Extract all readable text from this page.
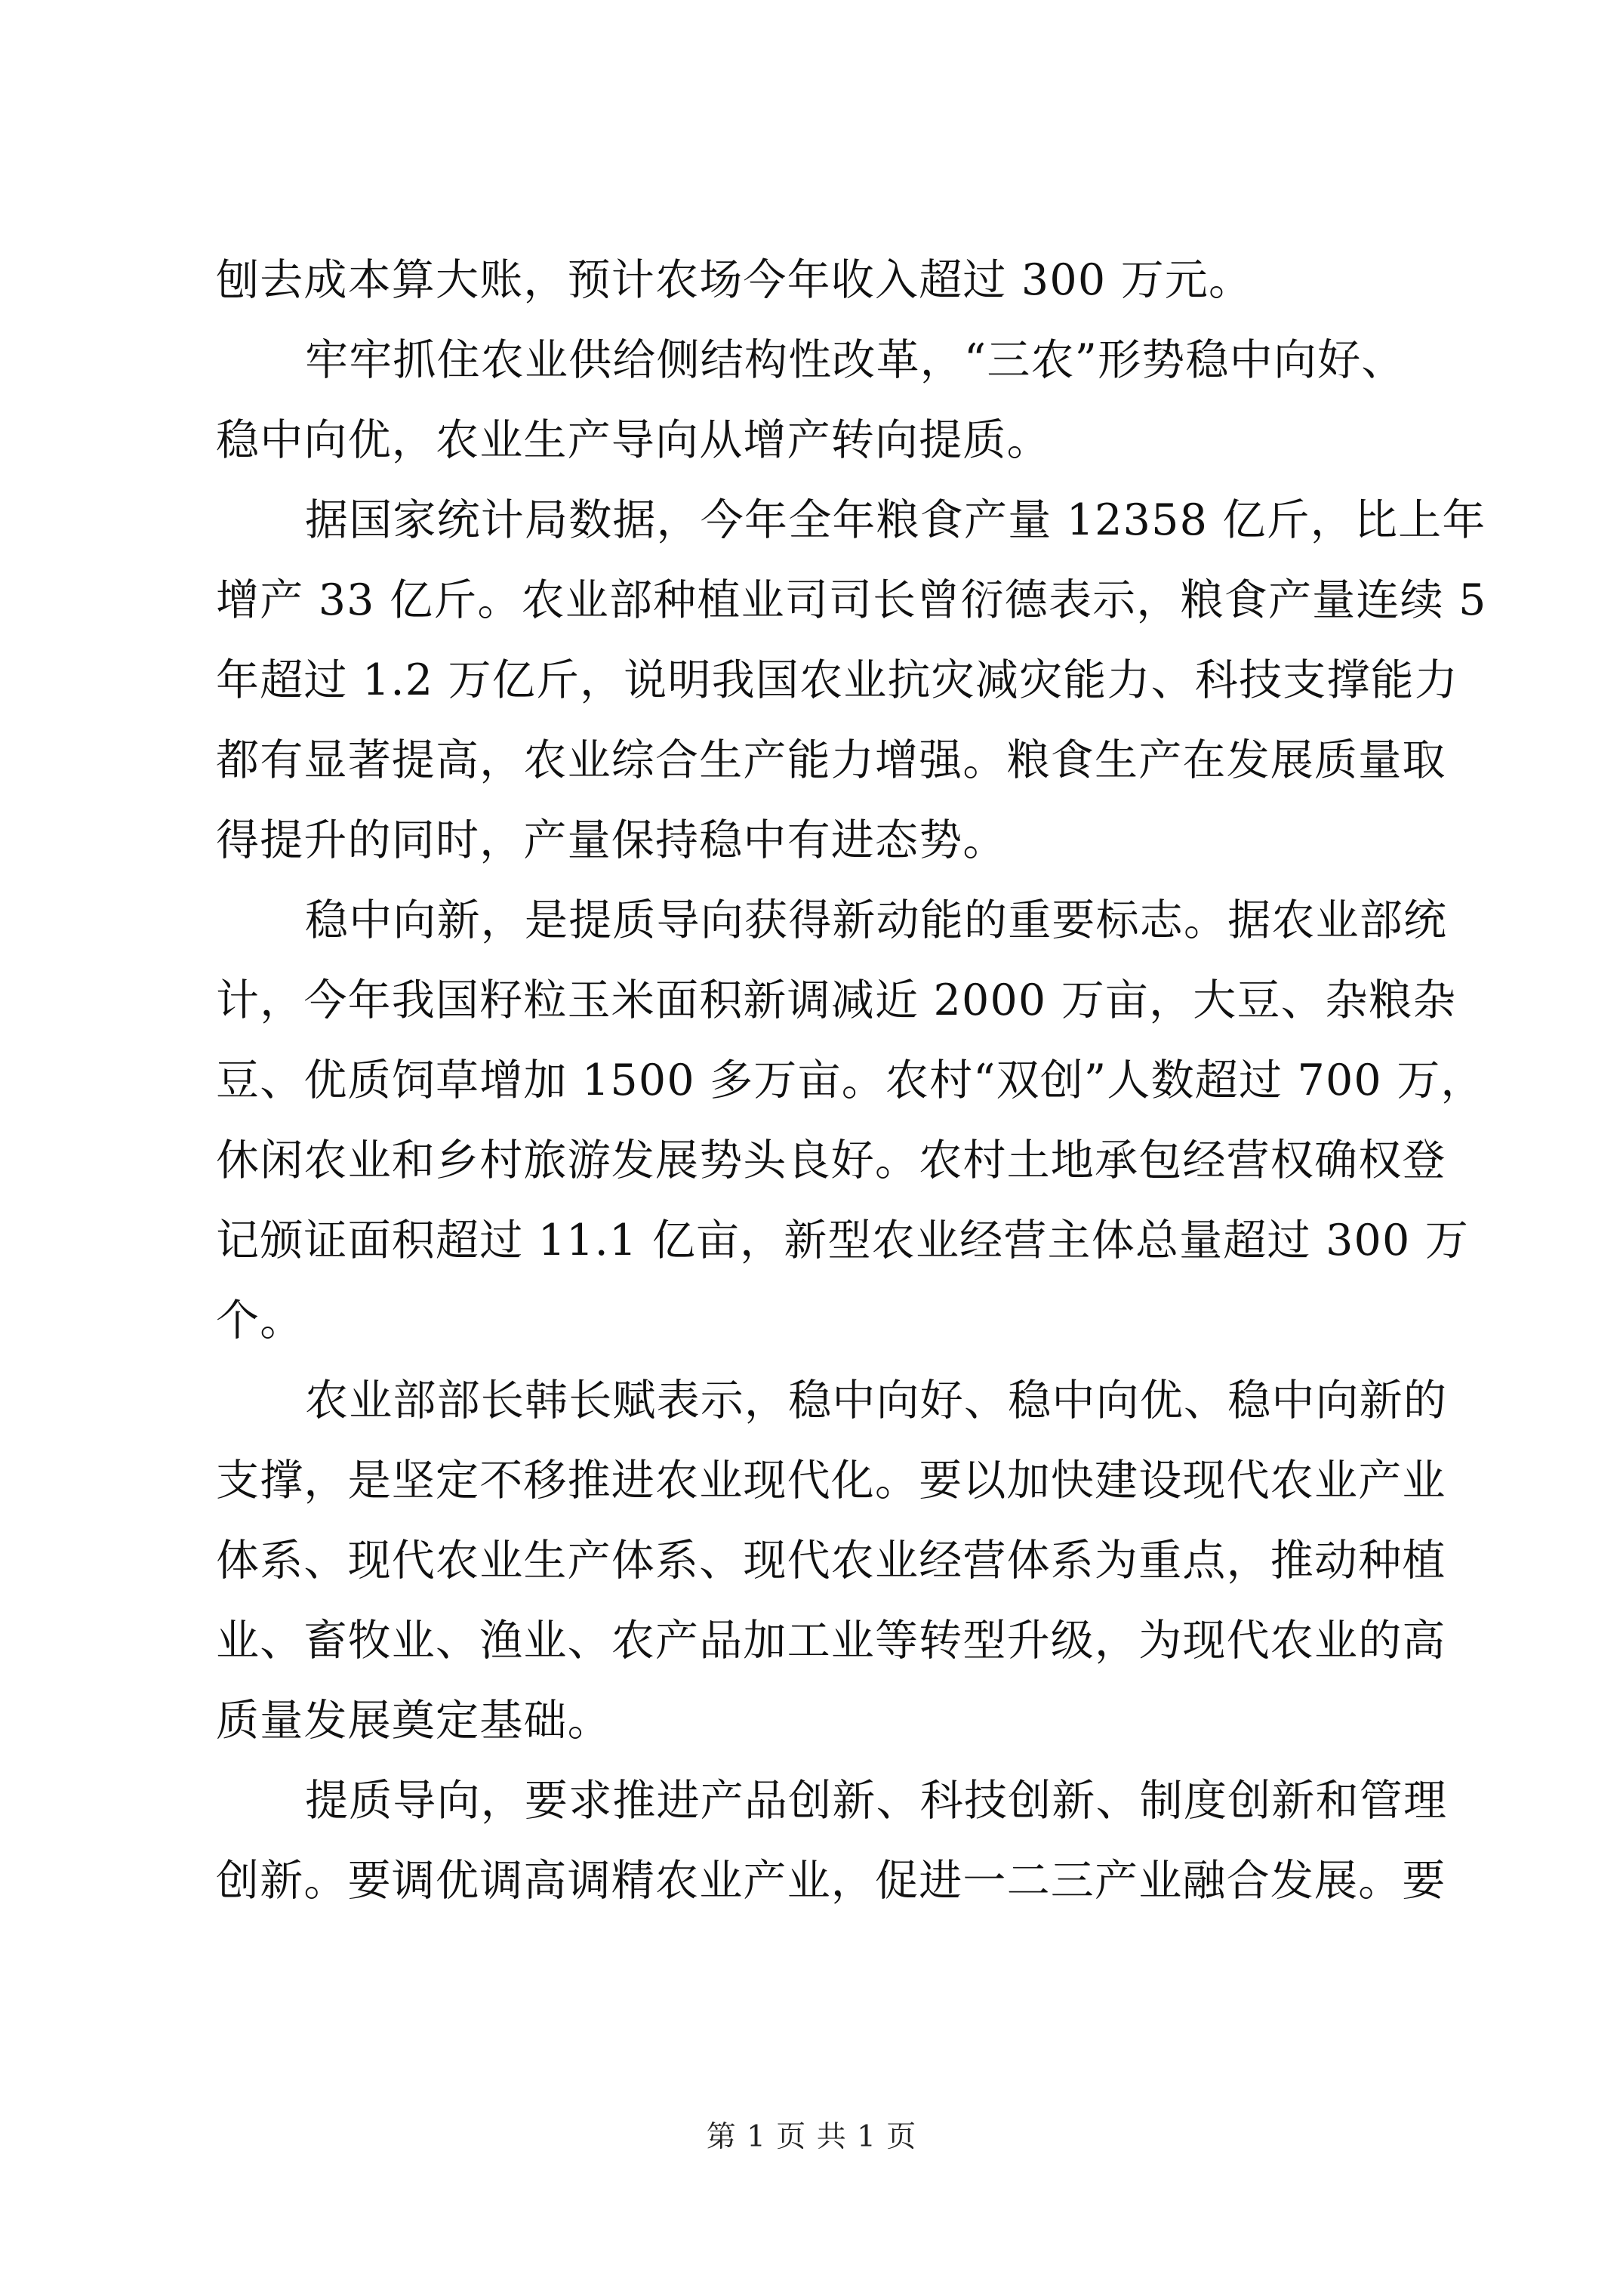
刨去成本算大账，预计农场今年收入超过 300 万元。

牢牢抓住农业供给侧结构性改革，“三农”形势稳中向好、

稳中向优，农业生产导向从增产转向提质。

据国家统计局数据，今年全年粮食产量 12358 亿斤，比上年

增产 33 亿斤。农业部种植业司司长曾衍德表示，粮食产量连续 5

年超过 1.2 万亿斤，说明我国农业抗灾减灾能力、科技支撑能力

都有显著提高，农业综合生产能力增强。粮食生产在发展质量取

得提升的同时，产量保持稳中有进态势。

稳中向新，是提质导向获得新动能的重要标志。据农业部统

计，今年我国籽粒玉米面积新调减近 2000 万亩，大豆、杂粮杂

豆、优质饲草增加 1500 多万亩。农村“双创”人数超过 700 万，

休闲农业和乡村旅游发展势头良好。农村土地承包经营权确权登

记颁证面积超过 11.1 亿亩，新型农业经营主体总量超过 300 万

个。

农业部部长韩长赋表示，稳中向好、稳中向优、稳中向新的

支撑，是坚定不移推进农业现代化。要以加快建设现代农业产业

体系、现代农业生产体系、现代农业经营体系为重点，推动种植

业、畜牧业、渔业、农产品加工业等转型升级，为现代农业的高

质量发展奠定基础。

提质导向，要求推进产品创新、科技创新、制度创新和管理

创新。要调优调高调精农业产业，促进一二三产业融合发展。要

第 1 页 共 1 页
